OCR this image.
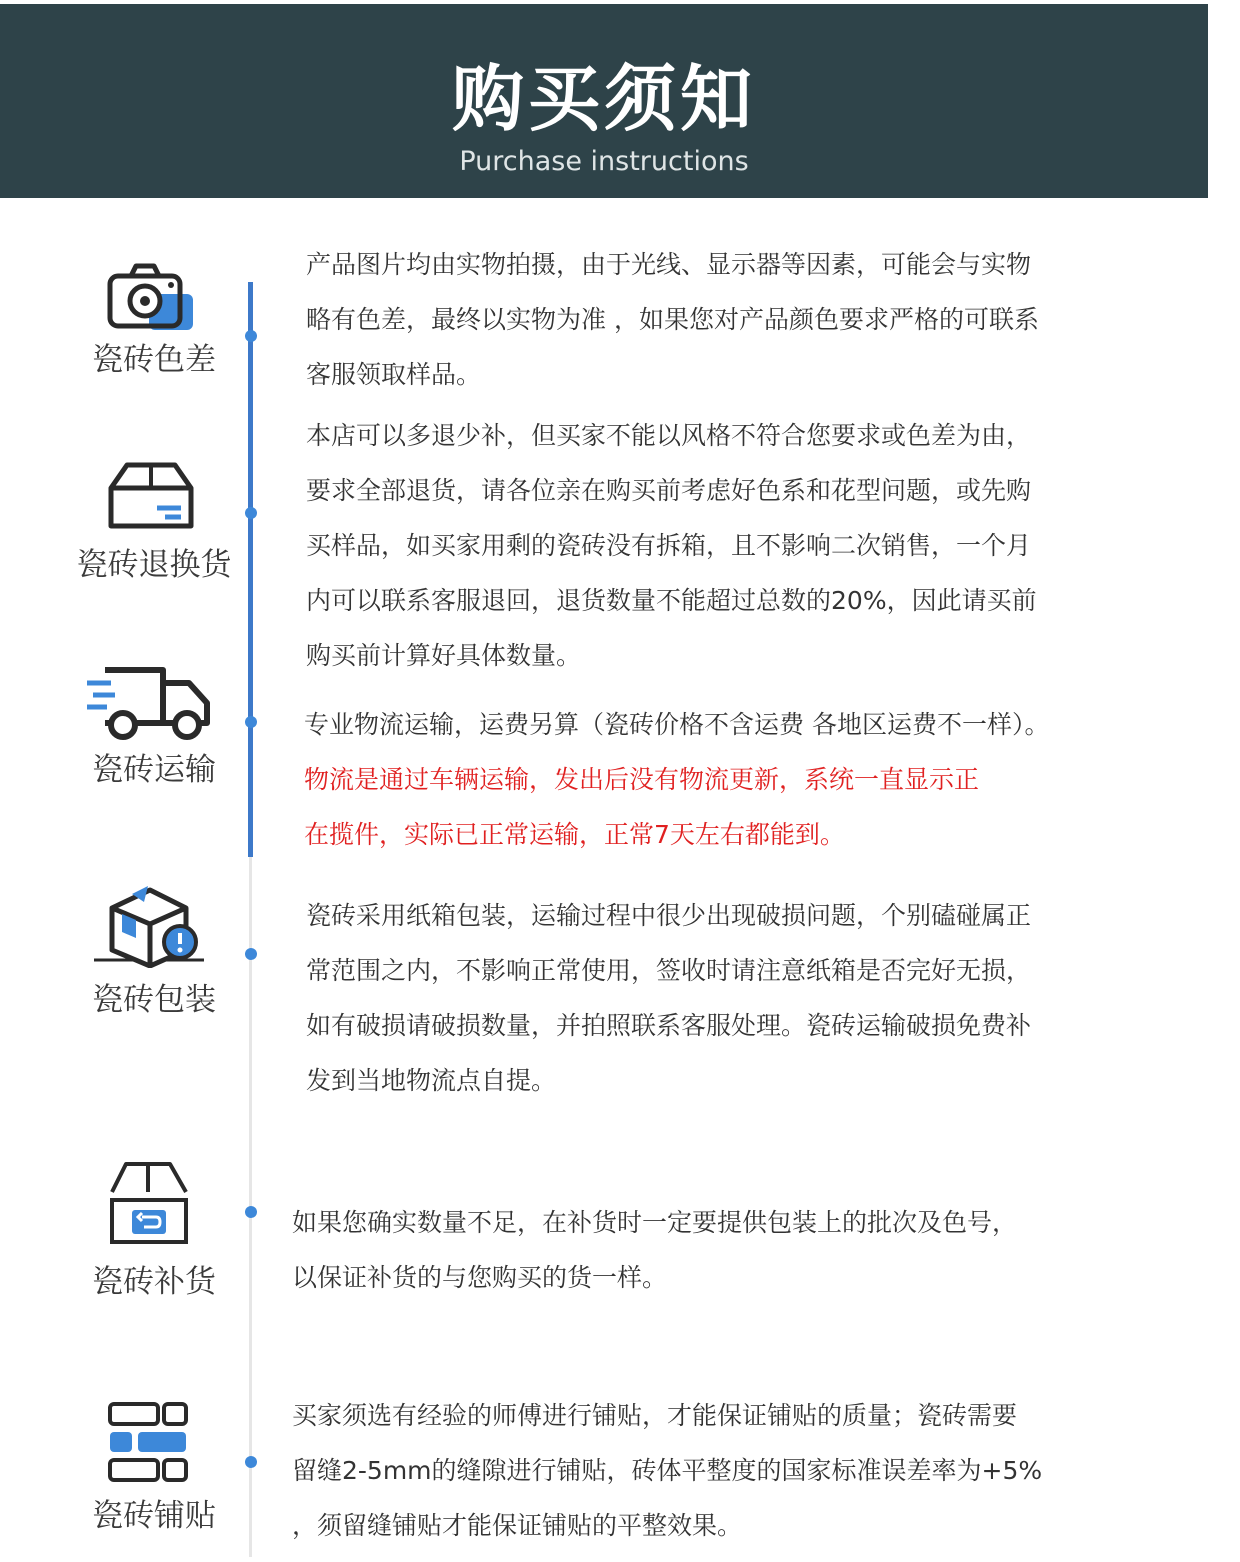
购买须知
Purchase instructions
瓷砖色差
产品图片均由实物拍摄，由于光线、显示器等因素，可能会与实物
略有色差，最终以实物为准 ，如果您对产品颜色要求严格的可联系
客服领取样品。
瓷砖退换货
本店可以多退少补，但买家不能以风格不符合您要求或色差为由，
要求全部退货，请各位亲在购买前考虑好色系和花型问题，或先购
买样品，如买家用剩的瓷砖没有拆箱，且不影响二次销售，一个月
内可以联系客服退回，退货数量不能超过总数的20%，因此请买前
购买前计算好具体数量。
瓷砖运输
专业物流运输，运费另算（瓷砖价格不含运费 各地区运费不一样）。
物流是通过车辆运输，发出后没有物流更新，系统一直显示正
在揽件，实际已正常运输，正常7天左右都能到。
瓷砖包装
瓷砖采用纸箱包装，运输过程中很少出现破损问题，个别磕碰属正
常范围之内，不影响正常使用，签收时请注意纸箱是否完好无损，
如有破损请破损数量，并拍照联系客服处理。瓷砖运输破损免费补
发到当地物流点自提。
瓷砖补货
如果您确实数量不足，在补货时一定要提供包装上的批次及色号，
以保证补货的与您购买的货一样。
瓷砖铺贴
买家须选有经验的师傅进行铺贴，才能保证铺贴的质量；瓷砖需要
留缝2-5mm的缝隙进行铺贴，砖体平整度的国家标准误差率为+5%
，须留缝铺贴才能保证铺贴的平整效果。
